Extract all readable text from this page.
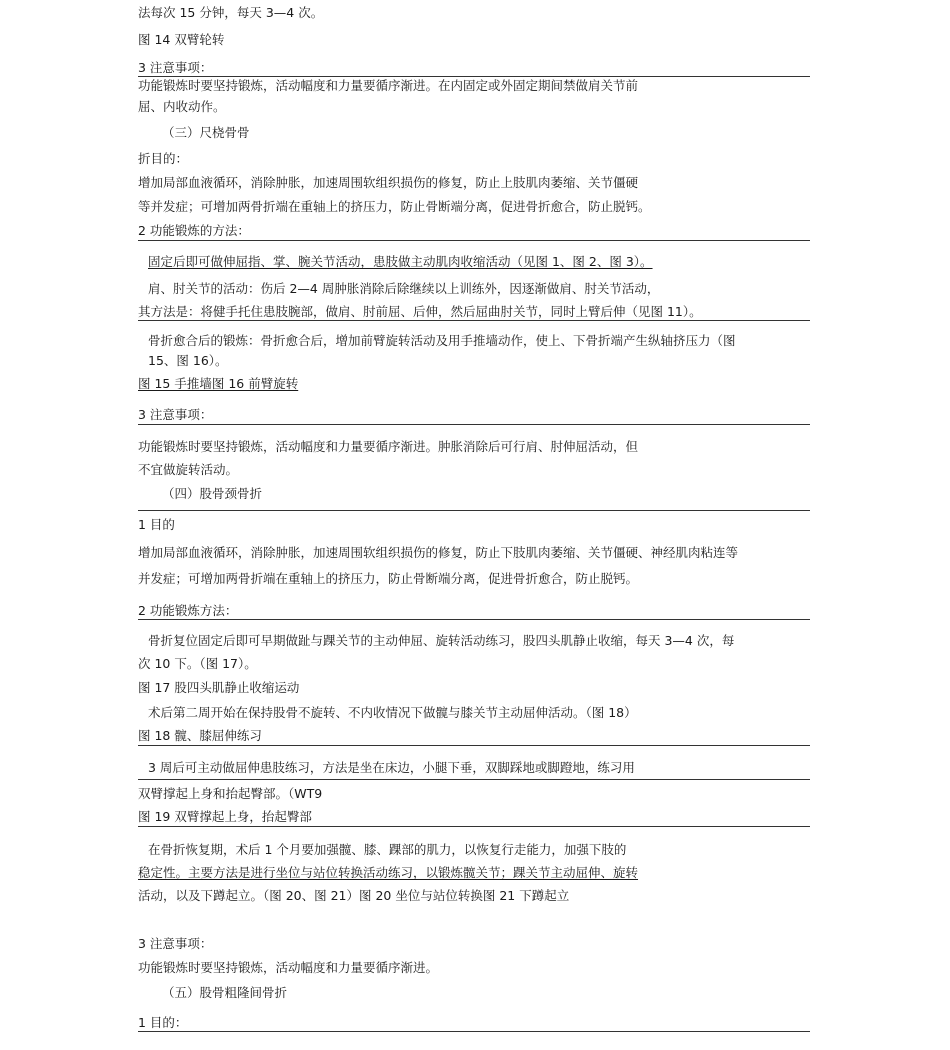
法每次 15 分钟，每天 3—4 次。
图 14 双臂轮转
3 注意事项：
功能锻炼时要坚持锻炼，活动幅度和力量要循序渐进。在内固定或外固定期间禁做肩关节前
屈、内收动作。
（三）尺桡骨骨
折目的：
增加局部血液循环，消除肿胀，加速周围软组织损伤的修复，防止上肢肌肉萎缩、关节僵硬
等并发症；可增加两骨折端在重轴上的挤压力，防止骨断端分离，促进骨折愈合，防止脱钙。
2 功能锻炼的方法：
固定后即可做伸屈指、掌、腕关节活动，患肢做主动肌肉收缩活动（见图 1、图 2、图 3）。
肩、肘关节的活动：伤后 2—4 周肿胀消除后除继续以上训练外，因逐渐做肩、肘关节活动，
其方法是：将健手托住患肢腕部，做肩、肘前屈、后伸，然后屈曲肘关节，同时上臂后伸（见图 11）。
骨折愈合后的锻炼：骨折愈合后，增加前臂旋转活动及用手推墙动作，使上、下骨折端产生纵轴挤压力（图
15、图 16）。
图 15 手推墙图 16 前臂旋转
3 注意事项：
功能锻炼时要坚持锻炼，活动幅度和力量要循序渐进。肿胀消除后可行肩、肘伸屈活动，但
不宜做旋转活动。
（四）股骨颈骨折
1 目的
增加局部血液循环，消除肿胀，加速周围软组织损伤的修复，防止下肢肌肉萎缩、关节僵硬、神经肌肉粘连等
并发症；可增加两骨折端在重轴上的挤压力，防止骨断端分离，促进骨折愈合，防止脱钙。
2 功能锻炼方法：
骨折复位固定后即可早期做趾与踝关节的主动伸屈、旋转活动练习，股四头肌静止收缩，每天 3—4 次，每
次 10 下。（图 17）。
图 17 股四头肌静止收缩运动
术后第二周开始在保持股骨不旋转、不内收情况下做髋与膝关节主动屈伸活动。（图 18）
图 18 髋、膝屈伸练习
3 周后可主动做屈伸患肢练习，方法是坐在床边，小腿下垂，双脚踩地或脚蹬地，练习用
双臂撑起上身和抬起臀部。（WT9
图 19 双臂撑起上身，抬起臀部
在骨折恢复期，术后 1 个月要加强髋、膝、踝部的肌力，以恢复行走能力，加强下肢的
稳定性。主要方法是进行坐位与站位转换活动练习，以锻炼髋关节；踝关节主动屈伸、旋转
活动，以及下蹲起立。（图 20、图 21）图 20 坐位与站位转换图 21 下蹲起立
3 注意事项：
功能锻炼时要坚持锻炼，活动幅度和力量要循序渐进。
（五）股骨粗隆间骨折
1 目的：
